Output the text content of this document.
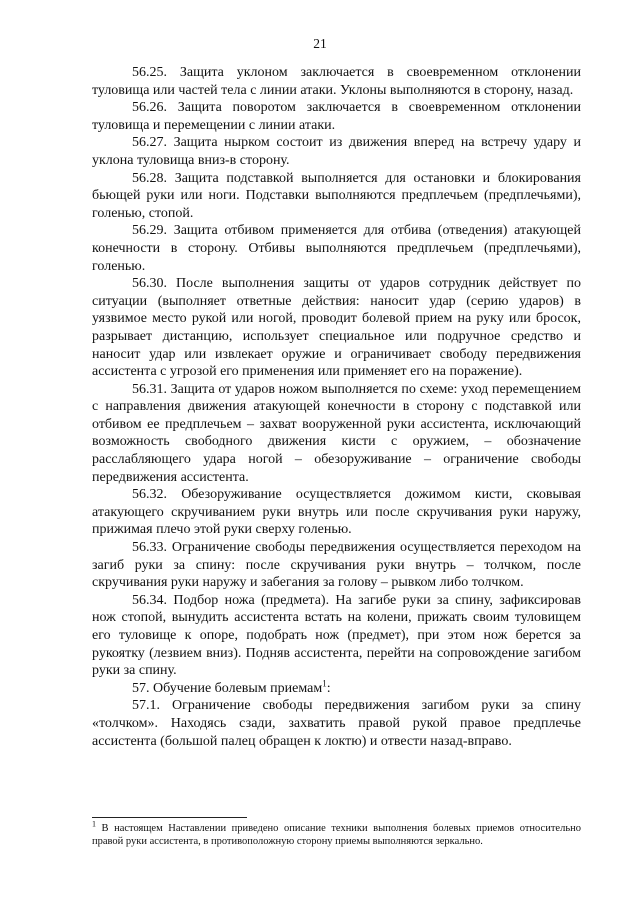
21

56.25. Защита уклоном заключается в своевременном отклонении туловища или частей тела с линии атаки. Уклоны выполняются в сторону, назад.

56.26. Защита поворотом заключается в своевременном отклонении туловища и перемещении с линии атаки.

56.27. Защита нырком состоит из движения вперед на встречу удару и уклона туловища вниз-в сторону.

56.28. Защита подставкой выполняется для остановки и блокирования бьющей руки или ноги. Подставки выполняются предплечьем (предплечьями), голенью, стопой.

56.29. Защита отбивом применяется для отбива (отведения) атакующей конечности в сторону. Отбивы выполняются предплечьем (предплечьями), голенью.

56.30. После выполнения защиты от ударов сотрудник действует по ситуации (выполняет ответные действия: наносит удар (серию ударов) в уязвимое место рукой или ногой, проводит болевой прием на руку или бросок, разрывает дистанцию, использует специальное или подручное средство и наносит удар или извлекает оружие и ограничивает свободу передвижения ассистента с угрозой его применения или применяет его на поражение).

56.31. Защита от ударов ножом выполняется по схеме: уход перемещением с направления движения атакующей конечности в сторону с подставкой или отбивом ее предплечьем – захват вооруженной руки ассистента, исключающий возможность свободного движения кисти с оружием, – обозначение расслабляющего удара ногой – обезоруживание – ограничение свободы передвижения ассистента.

56.32. Обезоруживание осуществляется дожимом кисти, сковывая атакующего скручиванием руки внутрь или после скручивания руки наружу, прижимая плечо этой руки сверху голенью.

56.33. Ограничение свободы передвижения осуществляется переходом на загиб руки за спину: после скручивания руки внутрь – толчком, после скручивания руки наружу и забегания за голову – рывком либо толчком.

56.34. Подбор ножа (предмета). На загибе руки за спину, зафиксировав нож стопой, вынудить ассистента встать на колени, прижать своим туловищем его туловище к опоре, подобрать нож (предмет), при этом нож берется за рукоятку (лезвием вниз). Подняв ассистента, перейти на сопровождение загибом руки за спину.

57. Обучение болевым приемам$^1$:

57.1. Ограничение свободы передвижения загибом руки за спину «толчком». Находясь сзади, захватить правой рукой правое предплечье ассистента (большой палец обращен к локтю) и отвести назад-вправо.

$^1$ В настоящем Наставлении приведено описание техники выполнения болевых приемов относительно правой руки ассистента, в противоположную сторону приемы выполняются зеркально.
